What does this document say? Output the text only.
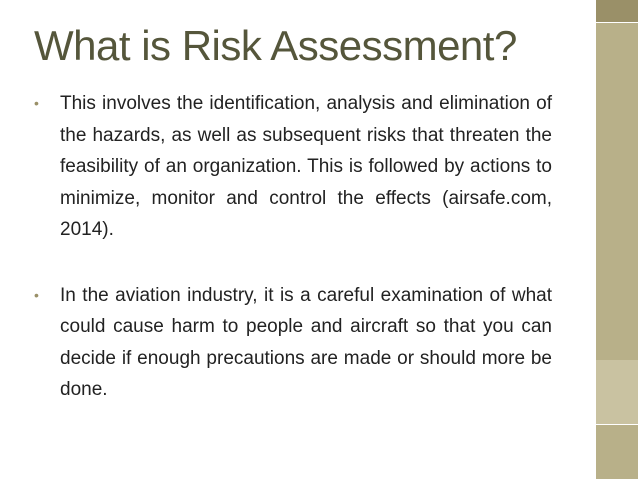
What is Risk Assessment?
• This involves the identification, analysis and elimination of the hazards, as well as subsequent risks that threaten the feasibility of an organization. This is followed by actions to minimize, monitor and control the effects (airsafe.com, 2014).
• In the aviation industry, it is a careful examination of what could cause harm to people and aircraft so that you can decide if enough precautions are made or should more be done.
